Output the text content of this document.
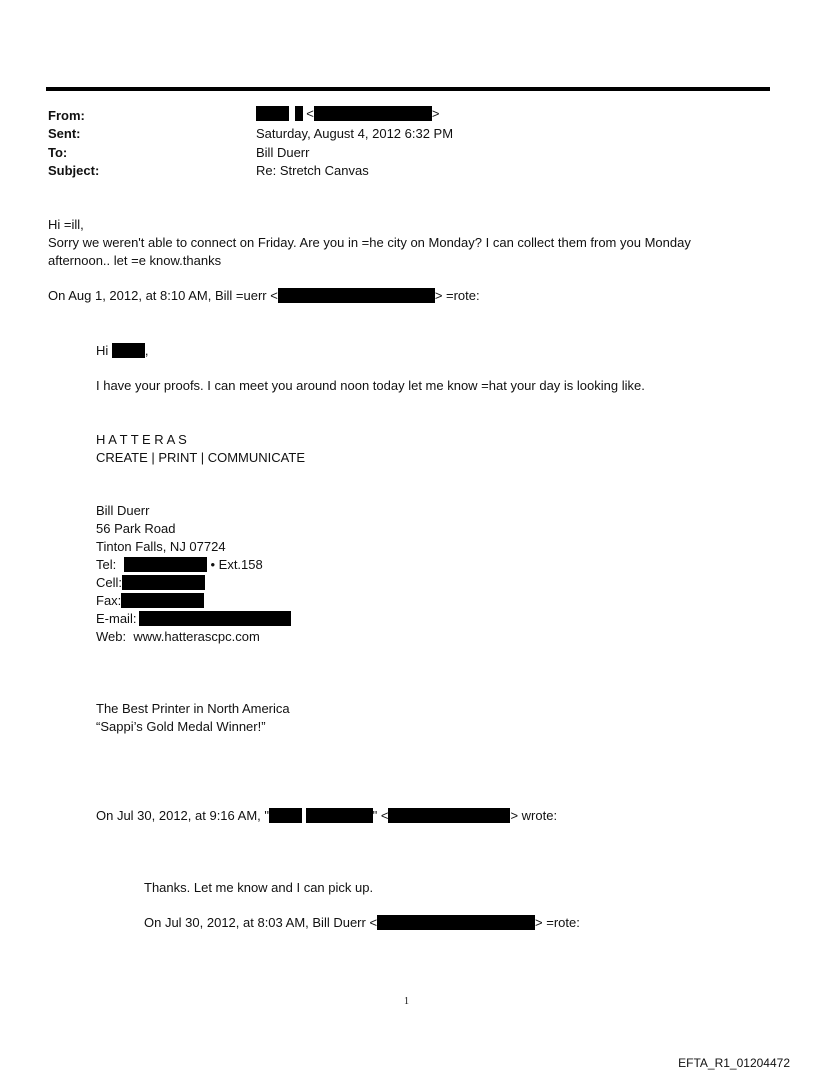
From:	<	>
Sent:	Saturday, August 4, 2012 6:32 PM
To:	Bill Duerr
Subject:	Re: Stretch Canvas
Hi =ill,
Sorry we weren't able to connect on Friday. Are you in =he city on Monday? I can collect them from you Monday
afternoon.. let =e know.thanks
On Aug 1, 2012, at 8:10 AM, Bill =uerr <	> =rote:
Hi	,
I have your proofs. I can meet you around noon today let me know =hat your day is looking like.
H A T T E R A S
CREATE | PRINT | COMMUNICATE
Bill Duerr
56 Park Road
Tinton Falls, NJ 07724
Tel:	• Ext.158
Cell:
Fax:
E-mail:
Web: www.hatterascpc.com
The Best Printer in North America
“Sappi’s Gold Medal Winner!”
On Jul 30, 2012, at 9:16 AM, "	" <	> wrote:
Thanks. Let me know and I can pick up.
On Jul 30, 2012, at 8:03 AM, Bill Duerr <	> =rote:
1
EFTA_R1_01204472
